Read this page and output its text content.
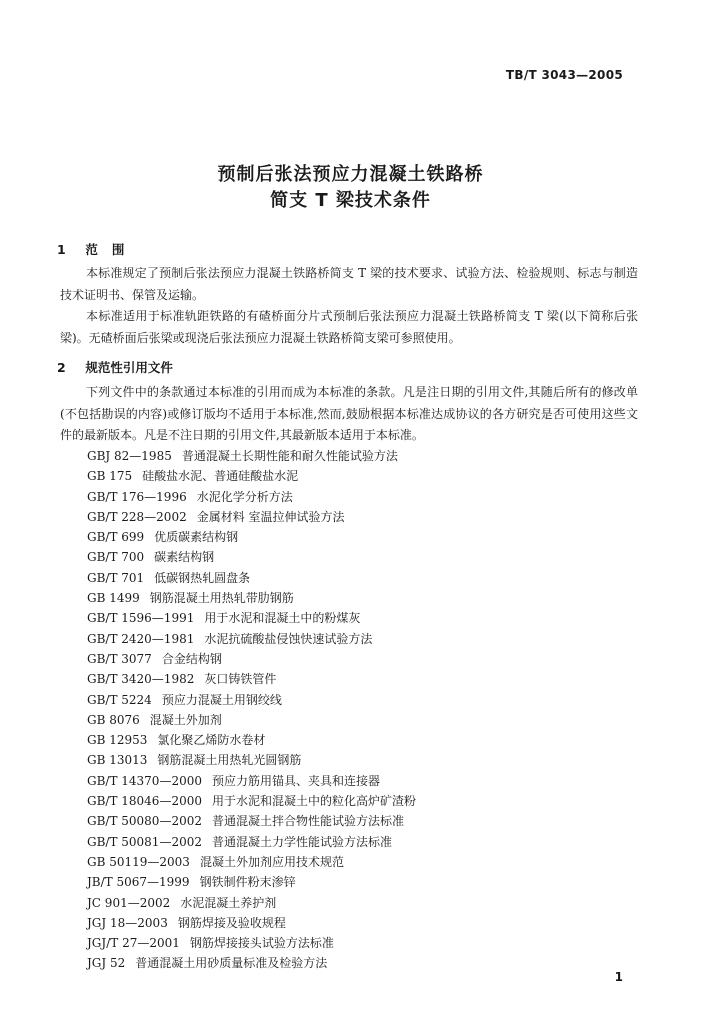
TB/T 3043—2005
预制后张法预应力混凝土铁路桥
简支 T 梁技术条件
1 范围
本标准规定了预制后张法预应力混凝土铁路桥简支 T 梁的技术要求、试验方法、检验规则、标志与制造技术证明书、保管及运输。
本标准适用于标准轨距铁路的有碴桥面分片式预制后张法预应力混凝土铁路桥简支 T 梁(以下简称后张梁)。无碴桥面后张梁或现浇后张法预应力混凝土铁路桥简支梁可参照使用。
2 规范性引用文件
下列文件中的条款通过本标准的引用而成为本标准的条款。凡是注日期的引用文件,其随后所有的修改单(不包括勘误的内容)或修订版均不适用于本标准,然而,鼓励根据本标准达成协议的各方研究是否可使用这些文件的最新版本。凡是不注日期的引用文件,其最新版本适用于本标准。
GBJ 82—1985 普通混凝土长期性能和耐久性能试验方法
GB 175 硅酸盐水泥、普通硅酸盐水泥
GB/T 176—1996 水泥化学分析方法
GB/T 228—2002 金属材料 室温拉伸试验方法
GB/T 699 优质碳素结构钢
GB/T 700 碳素结构钢
GB/T 701 低碳钢热轧圆盘条
GB 1499 钢筋混凝土用热轧带肋钢筋
GB/T 1596—1991 用于水泥和混凝土中的粉煤灰
GB/T 2420—1981 水泥抗硫酸盐侵蚀快速试验方法
GB/T 3077 合金结构钢
GB/T 3420—1982 灰口铸铁管件
GB/T 5224 预应力混凝土用钢绞线
GB 8076 混凝土外加剂
GB 12953 氯化聚乙烯防水卷材
GB 13013 钢筋混凝土用热轧光圆钢筋
GB/T 14370—2000 预应力筋用锚具、夹具和连接器
GB/T 18046—2000 用于水泥和混凝土中的粒化高炉矿渣粉
GB/T 50080—2002 普通混凝土拌合物性能试验方法标准
GB/T 50081—2002 普通混凝土力学性能试验方法标准
GB 50119—2003 混凝土外加剂应用技术规范
JB/T 5067—1999 钢铁制件粉末渗锌
JC 901—2002 水泥混凝土养护剂
JGJ 18—2003 钢筋焊接及验收规程
JGJ/T 27—2001 钢筋焊接接头试验方法标准
JGJ 52 普通混凝土用砂质量标准及检验方法
1
